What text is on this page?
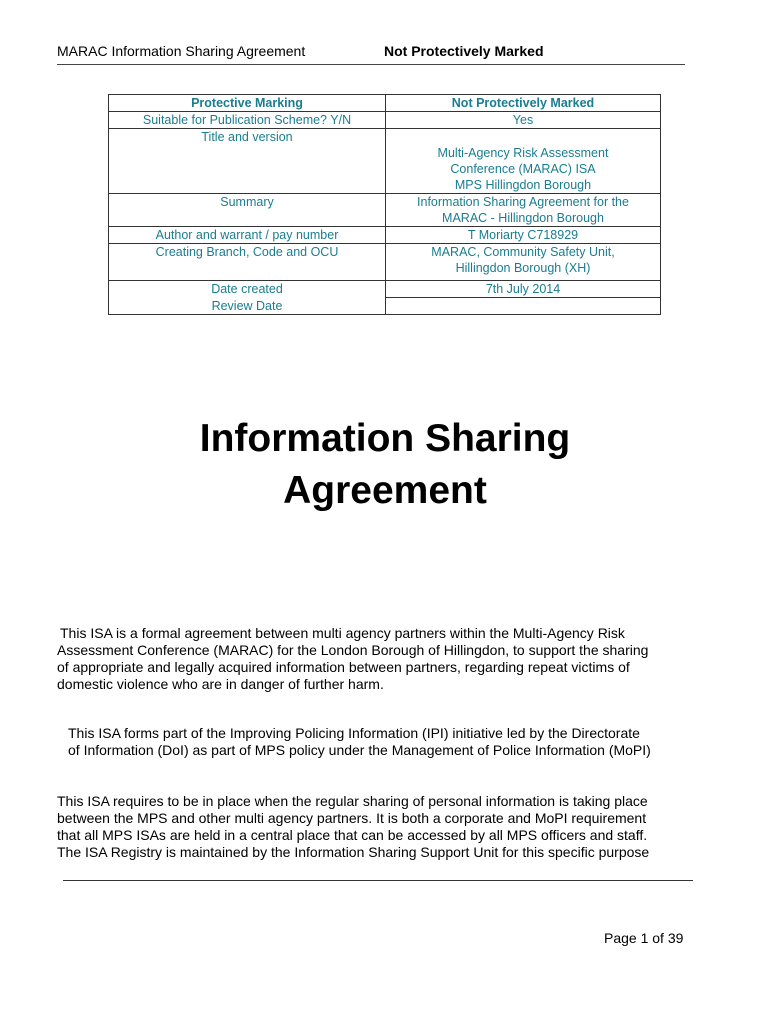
MARAC Information Sharing Agreement	Not Protectively Marked
Protective Marking	Not Protectively Marked
Suitable for Publication Scheme? Y/N	Yes
Title and version	Multi-Agency Risk Assessment
Conference (MARAC) ISA
MPS Hillingdon Borough

Summary	Information Sharing Agreement for the
MARAC - Hillingdon Borough

Author and warrant / pay number	T Moriarty C718929
Creating Branch, Code and OCU	MARAC, Community Safety Unit,
Hillingdon Borough (XH)

Date created	7th July 2014
Review Date	
Information Sharing
Agreement
This ISA is a formal agreement between multi agency partners within the Multi-Agency Risk
Assessment Conference (MARAC) for the London Borough of Hillingdon, to support the sharing
of appropriate and legally acquired information between partners, regarding repeat victims of
domestic violence who are in danger of further harm.
This ISA forms part of the Improving Policing Information (IPI) initiative led by the Directorate
of Information (DoI) as part of MPS policy under the Management of Police Information (MoPI)
This ISA requires to be in place when the regular sharing of personal information is taking place
between the MPS and other multi agency partners. It is both a corporate and MoPI requirement
that all MPS ISAs are held in a central place that can be accessed by all MPS officers and staff.
The ISA Registry is maintained by the Information Sharing Support Unit for this specific purpose
Page 1 of 39
